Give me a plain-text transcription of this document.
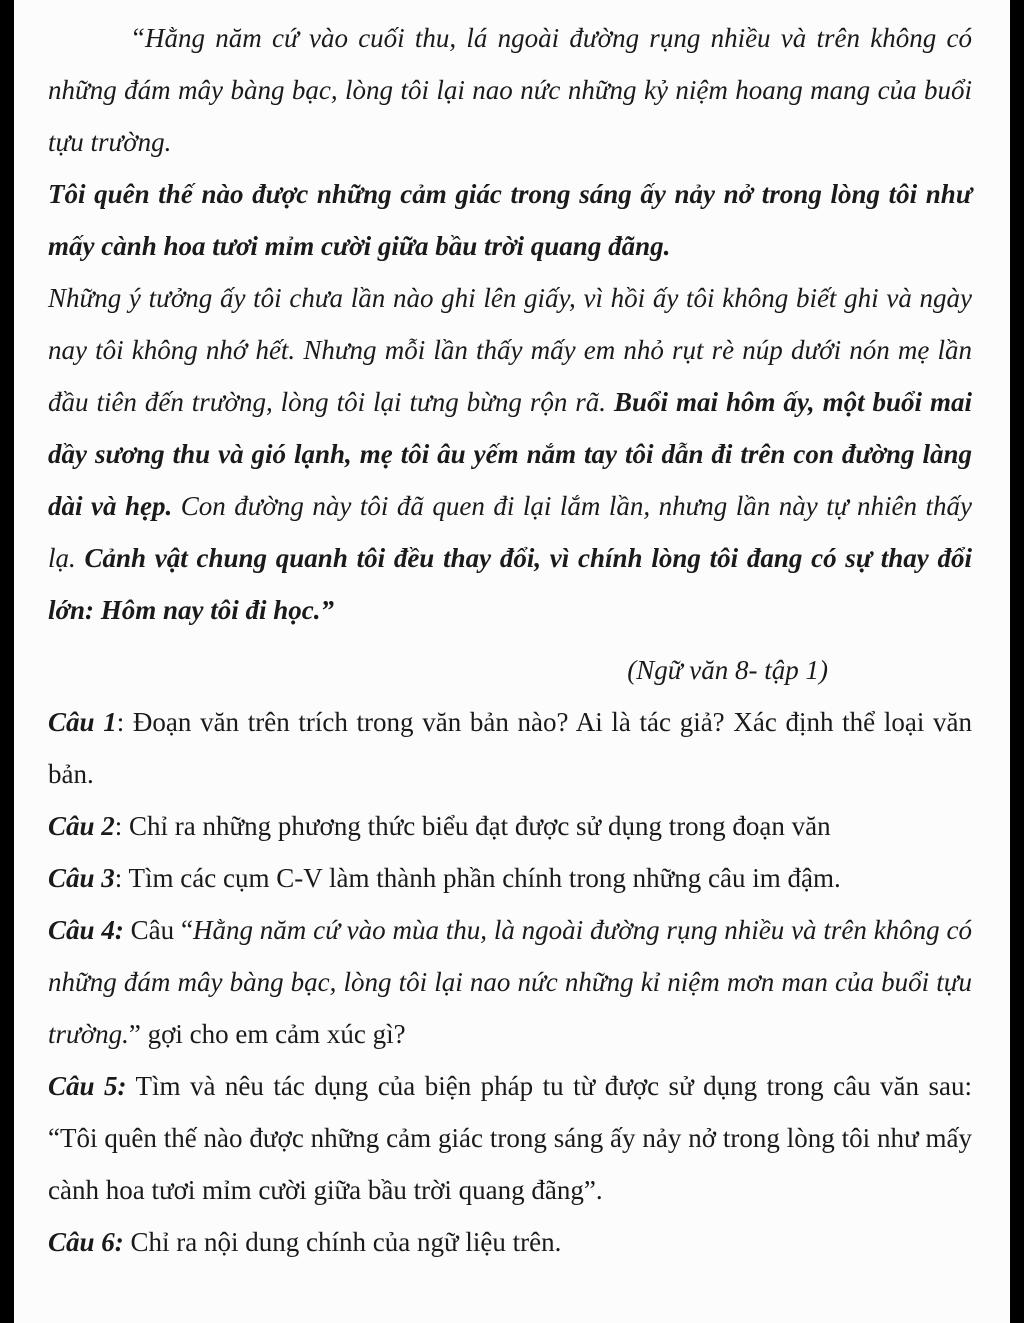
“Hằng năm cứ vào cuối thu, lá ngoài đường rụng nhiều và trên không có những đám mây bàng bạc, lòng tôi lại nao nức những kỷ niệm hoang mang của buổi tựu trường.

Tôi quên thế nào được những cảm giác trong sáng ấy nảy nở trong lòng tôi như mấy cành hoa tươi mỉm cười giữa bầu trời quang đãng.

Những ý tưởng ấy tôi chưa lần nào ghi lên giấy, vì hồi ấy tôi không biết ghi và ngày nay tôi không nhớ hết. Nhưng mỗi lần thấy mấy em nhỏ rụt rè núp dưới nón mẹ lần đầu tiên đến trường, lòng tôi lại tưng bừng rộn rã. Buổi mai hôm ấy, một buổi mai dầy sương thu và gió lạnh, mẹ tôi âu yếm nắm tay tôi dẫn đi trên con đường làng dài và hẹp. Con đường này tôi đã quen đi lại lắm lần, nhưng lần này tự nhiên thấy lạ. Cảnh vật chung quanh tôi đều thay đổi, vì chính lòng tôi đang có sự thay đổi lớn: Hôm nay tôi đi học.”

(Ngữ văn 8- tập 1)

Câu 1: Đoạn văn trên trích trong văn bản nào? Ai là tác giả? Xác định thể loại văn bản.

Câu 2: Chỉ ra những phương thức biểu đạt được sử dụng trong đoạn văn

Câu 3: Tìm các cụm C-V làm thành phần chính trong những câu im đậm.

Câu 4: Câu “Hằng năm cứ vào mùa thu, là ngoài đường rụng nhiều và trên không có những đám mây bàng bạc, lòng tôi lại nao nức những kỉ niệm mơn man của buổi tựu trường.” gợi cho em cảm xúc gì?

Câu 5: Tìm và nêu tác dụng của biện pháp tu từ được sử dụng trong câu văn sau: “Tôi quên thế nào được những cảm giác trong sáng ấy nảy nở trong lòng tôi như mấy cành hoa tươi mỉm cười giữa bầu trời quang đãng”.

Câu 6: Chỉ ra nội dung chính của ngữ liệu trên.
